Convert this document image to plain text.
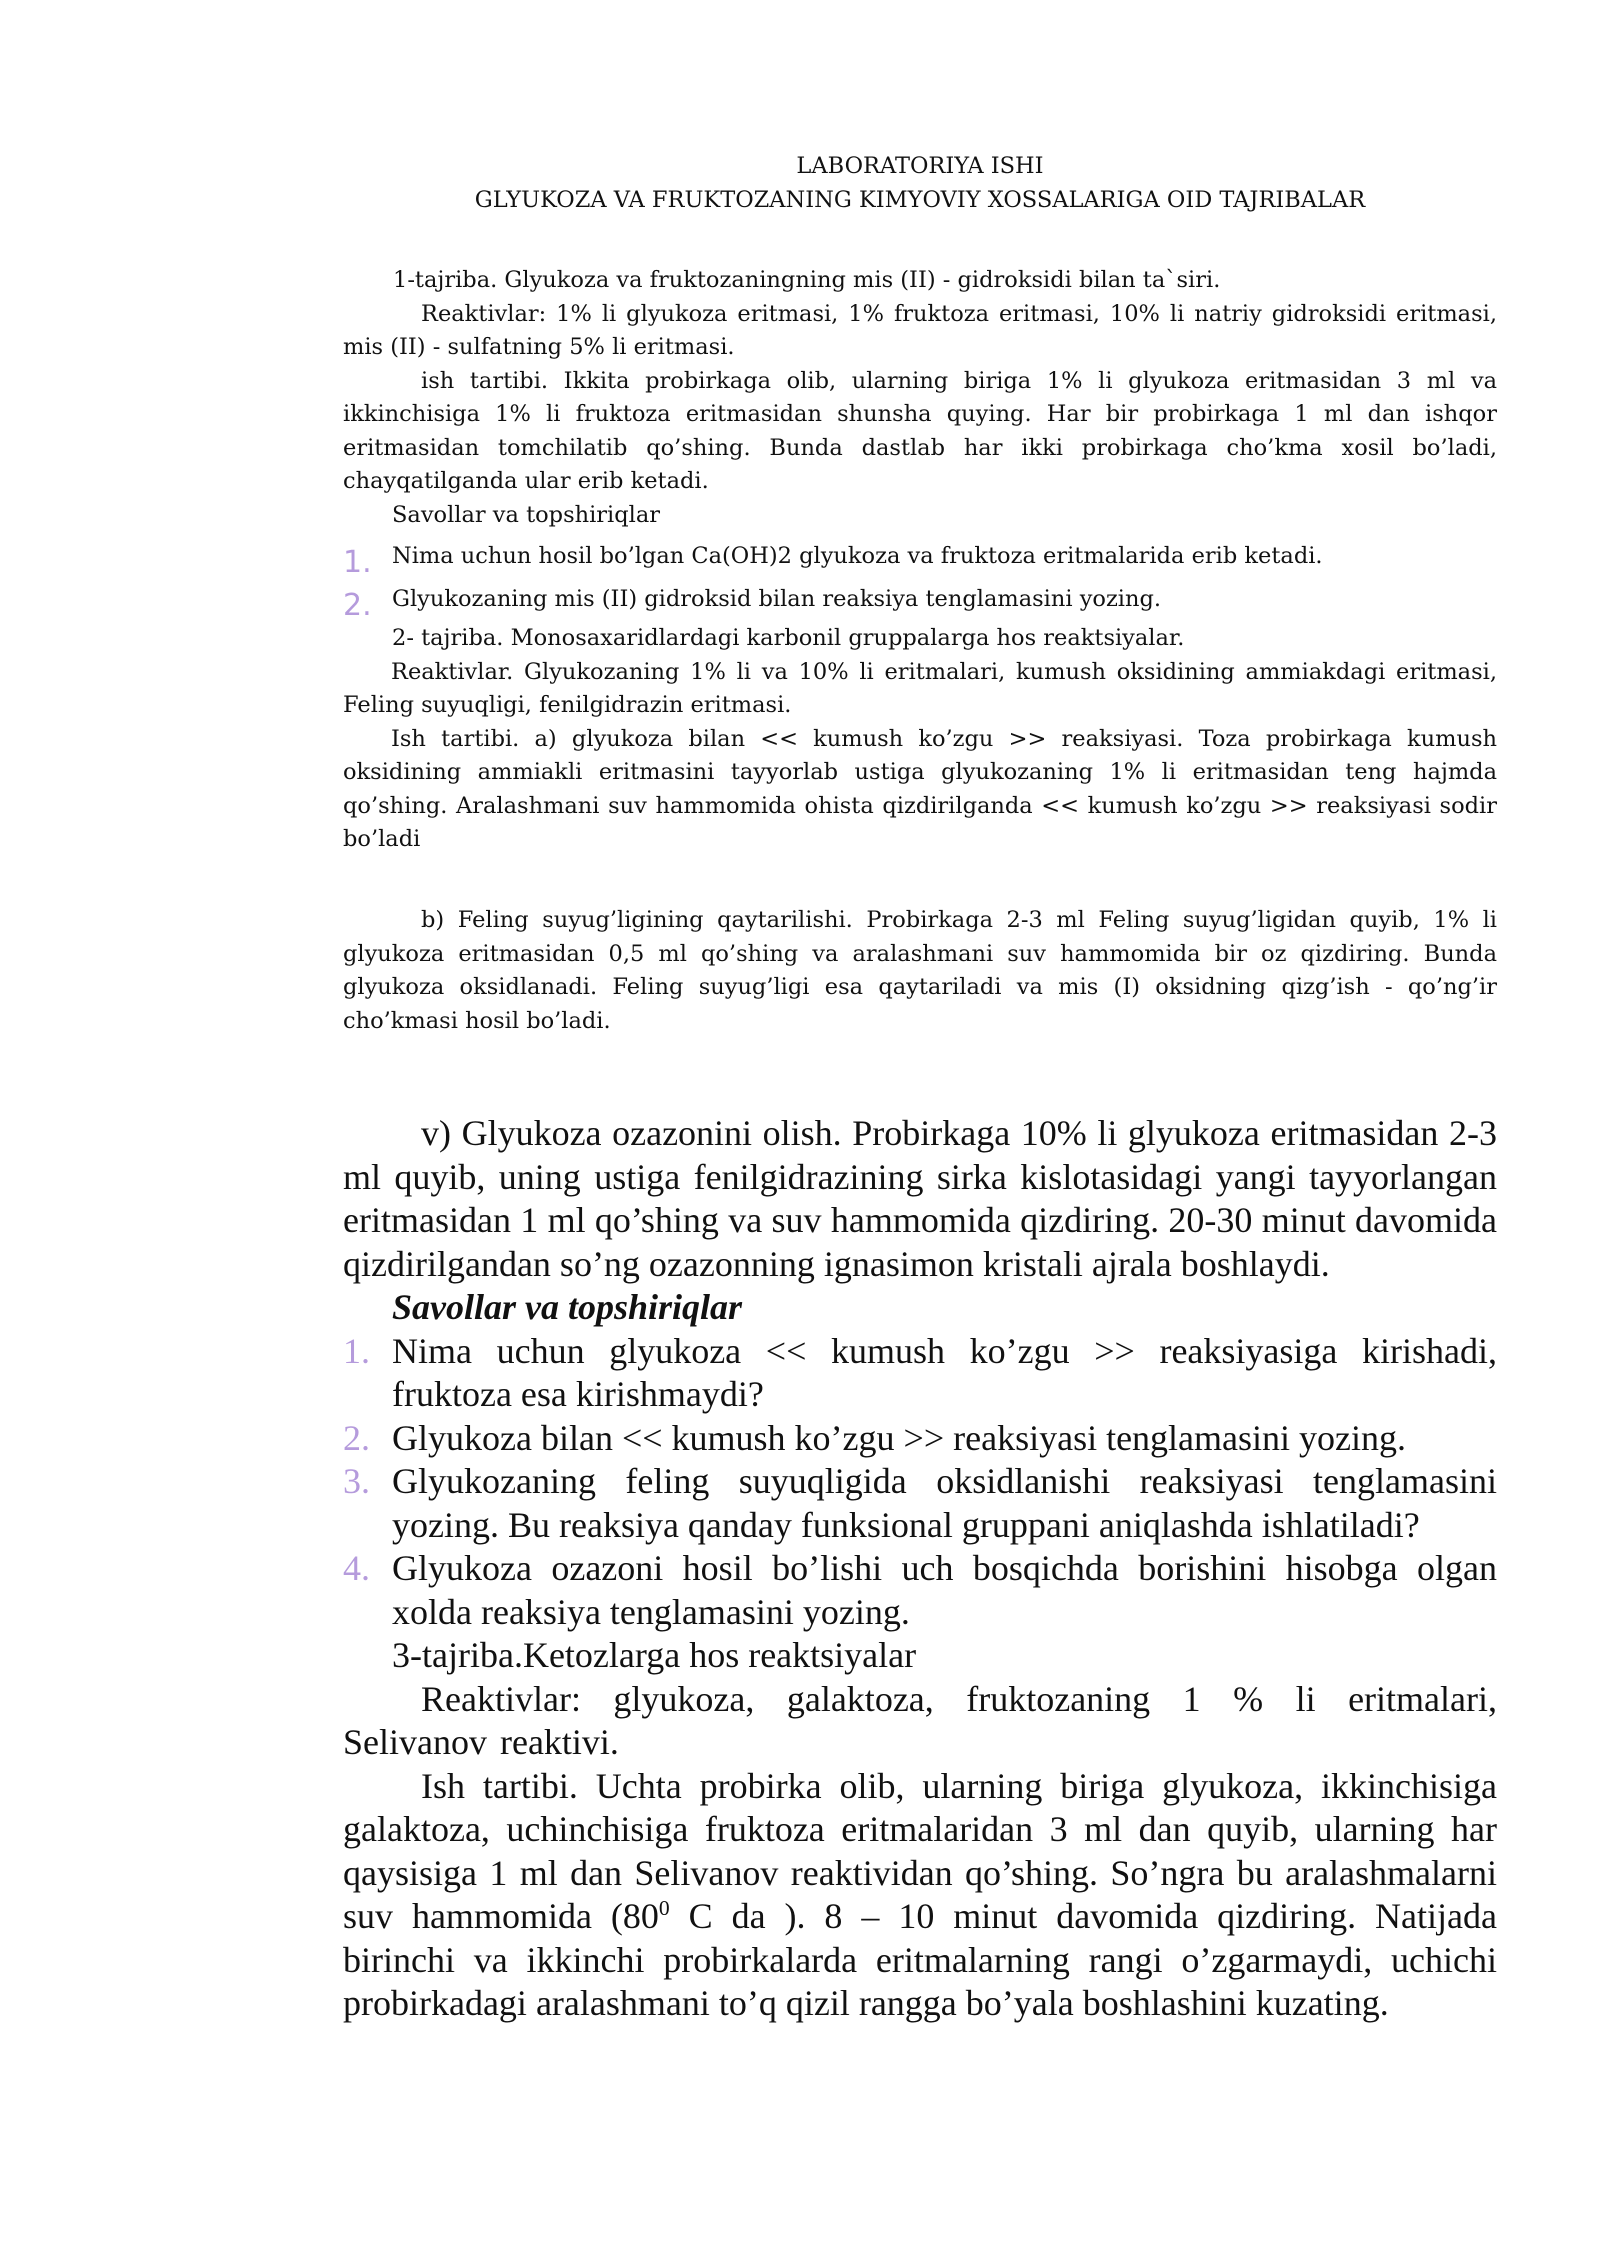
LABORATORIYA ISHI

GLYUKOZA VA FRUKTOZANING KIMYOVIY XOSSALARIGA OID TAJRIBALAR

1-tajriba. Glyukoza va fruktozaningning mis (II) - gidroksidi bilan ta`siri.

Reaktivlar: 1% li glyukoza eritmasi, 1% fruktoza eritmasi, 10% li natriy gidroksidi eritmasi, mis (II) - sulfatning 5% li eritmasi.

ish tartibi. Ikkita probirkaga olib, ularning biriga 1% li glyukoza eritmasidan 3 ml va ikkinchisiga 1% li fruktoza eritmasidan shunsha quying. Har bir probirkaga 1 ml dan ishqor eritmasidan tomchilatib qo’shing. Bunda dastlab har ikki probirkaga cho’kma xosil bo’ladi, chayqatilganda ular erib ketadi.

Savollar va topshiriqlar

1. Nima uchun hosil bo’lgan Ca(OH)2 glyukoza va fruktoza eritmalarida erib ketadi.
2. Glyukozaning mis (II) gidroksid bilan reaksiya tenglamasini yozing.

2- tajriba. Monosaxaridlardagi karbonil gruppalarga hos reaktsiyalar.

Reaktivlar. Glyukozaning 1% li va 10% li eritmalari, kumush oksidining ammiakdagi eritmasi, Feling suyuqligi, fenilgidrazin eritmasi.

Ish tartibi. a) glyukoza bilan << kumush ko’zgu >> reaksiyasi. Toza probirkaga kumush oksidining ammiakli eritmasini tayyorlab ustiga glyukozaning 1% li eritmasidan teng hajmda qo’shing. Aralashmani suv hammomida ohista qizdirilganda << kumush ko’zgu >> reaksiyasi sodir bo’ladi

b) Feling suyug’ligining qaytarilishi. Probirkaga 2-3 ml Feling suyug’ligidan quyib, 1% li glyukoza eritmasidan 0,5 ml qo’shing va aralashmani suv hammomida bir oz qizdiring. Bunda glyukoza oksidlanadi. Feling suyug’ligi esa qaytariladi va mis (I) oksidning qizg’ish - qo’ng’ir cho’kmasi hosil bo’ladi.

v) Glyukoza ozazonini olish. Probirkaga 10% li glyukoza eritmasidan 2-3 ml quyib, uning ustiga fenilgidrazining sirka kislotasidagi yangi tayyorlangan eritmasidan 1 ml qo’shing va suv hammomida qizdiring. 20-30 minut davomida qizdirilgandan so’ng ozazonning ignasimon kristali ajrala boshlaydi.

Savollar va topshiriqlar

1. Nima uchun glyukoza << kumush ko’zgu >> reaksiyasiga kirishadi, fruktoza esa kirishmaydi?
2. Glyukoza bilan << kumush ko’zgu >> reaksiyasi tenglamasini yozing.
3. Glyukozaning feling suyuqligida oksidlanishi reaksiyasi tenglamasini yozing. Bu reaksiya qanday funksional gruppani aniqlashda ishlatiladi?
4. Glyukoza ozazoni hosil bo’lishi uch bosqichda borishini hisobga olgan xolda reaksiya tenglamasini yozing.

3-tajriba.Ketozlarga hos reaktsiyalar

Reaktivlar: glyukoza, galaktoza, fruktozaning 1 % li eritmalari, Selivanov reaktivi.

Ish tartibi. Uchta probirka olib, ularning biriga glyukoza, ikkinchisiga galaktoza, uchinchisiga fruktoza eritmalaridan 3 ml dan quyib, ularning har qaysisiga 1 ml dan Selivanov reaktividan qo’shing. So’ngra bu aralashmalarni suv hammomida ($80^0$ C da ). 8 – 10 minut davomida qizdiring. Natijada birinchi va ikkinchi probirkalarda eritmalarning rangi o’zgarmaydi, uchichi probirkadagi aralashmani to’q qizil rangga bo’yala boshlashini kuzating.
